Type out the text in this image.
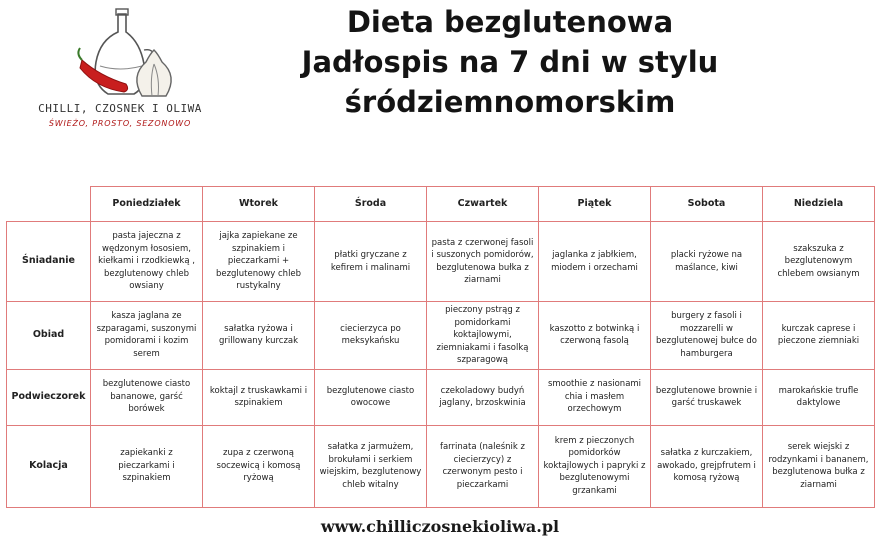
CHILLI, CZOSNEK I OLIWA
ŚWIEŻO, PROSTO, SEZONOWO
Dieta bezglutenowa
Jadłospis na 7 dni w stylu
śródziemnomorskim
	Poniedziałek	Wtorek	Środa	Czwartek	Piątek	Sobota	Niedziela
Śniadanie	pasta jajeczna z wędzonym łososiem, kiełkami i rzodkiewką , bezglutenowy chleb owsiany	jajka zapiekane ze szpinakiem i pieczarkami + bezglutenowy chleb rustykalny	płatki gryczane z kefirem i malinami	pasta z czerwonej fasoli i suszonych pomidorów, bezglutenowa bułka z ziarnami	jaglanka z jabłkiem, miodem i orzechami	placki ryżowe na maślance, kiwi	szakszuka z bezglutenowym chlebem owsianym
Obiad	kasza jaglana ze szparagami, suszonymi pomidorami i kozim serem	sałatka ryżowa i grillowany kurczak	ciecierzyca po meksykańsku	pieczony pstrąg z pomidorkami koktajlowymi, ziemniakami i fasolką szparagową	kaszotto z botwinką i czerwoną fasolą	burgery z fasoli i mozzarelli w bezglutenowej bułce do hamburgera	kurczak caprese i pieczone ziemniaki
Podwieczorek	bezglutenowe ciasto bananowe, garść borówek	koktajl z truskawkami i szpinakiem	bezglutenowe ciasto owocowe	czekoladowy budyń jaglany, brzoskwinia	smoothie z nasionami chia i masłem orzechowym	bezglutenowe brownie i garść truskawek	marokańskie trufle daktylowe
Kolacja	zapiekanki z pieczarkami i szpinakiem	zupa z czerwoną soczewicą i komosą ryżową	sałatka z jarmużem, brokułami i serkiem wiejskim, bezglutenowy chleb witalny	farrinata (naleśnik z ciecierzycy) z czerwonym pesto i pieczarkami	krem z pieczonych pomidorków koktajlowych i papryki z bezglutenowymi grzankami	sałatka z kurczakiem, awokado, grejpfrutem i komosą ryżową	serek wiejski z rodzynkami i bananem, bezglutenowa bułka z ziarnami
www.chilliczosnekioliwa.pl
